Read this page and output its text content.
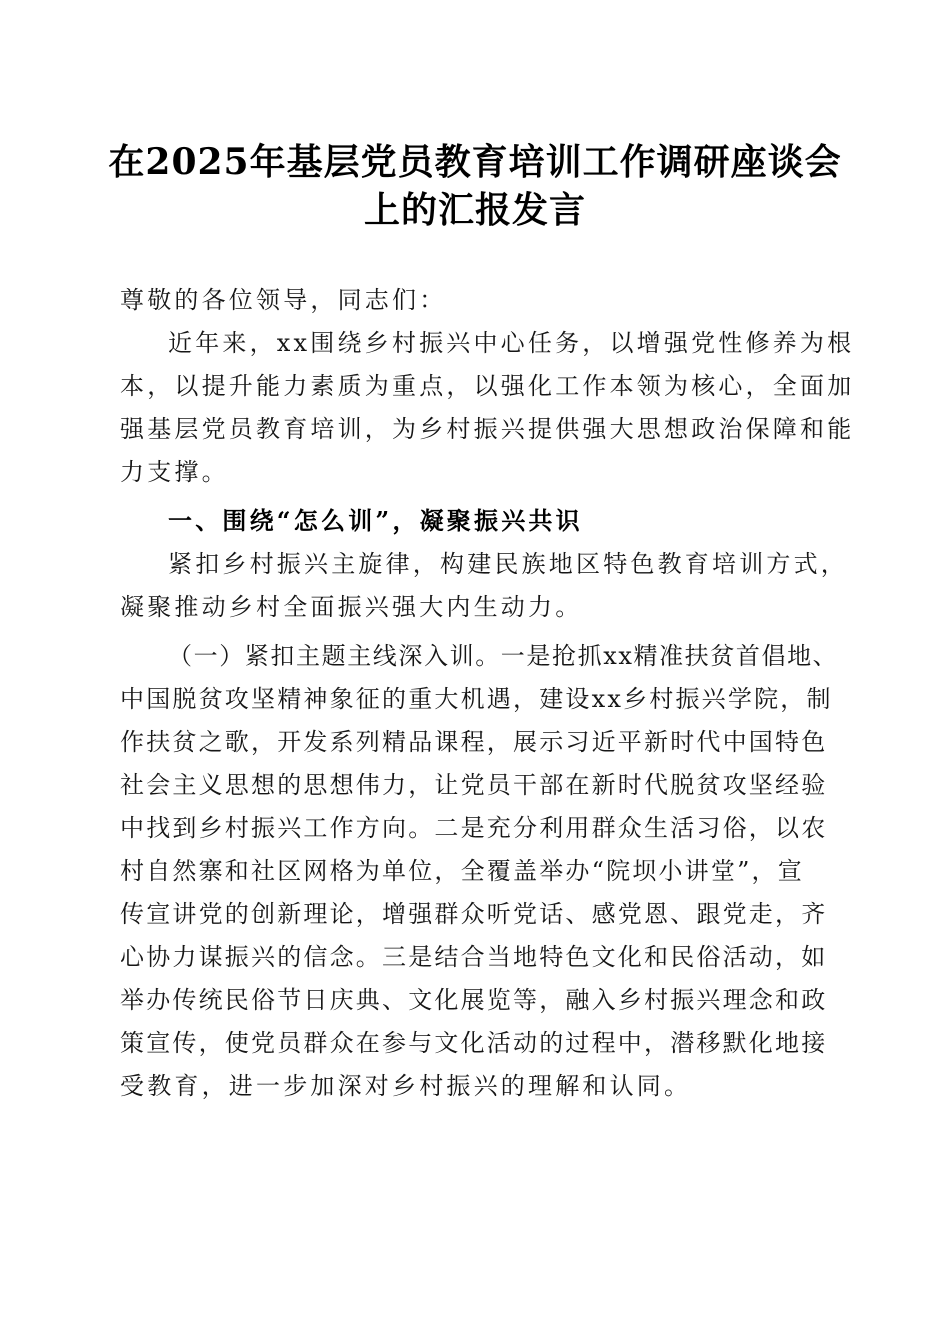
在2025年基层党员教育培训工作调研座谈会
上的汇报发言
尊敬的各位领导，同志们：
近年来，xx围绕乡村振兴中心任务，以增强党性修养为根
本，以提升能力素质为重点，以强化工作本领为核心，全面加
强基层党员教育培训，为乡村振兴提供强大思想政治保障和能
力支撑。
一、围绕“怎么训”，凝聚振兴共识
紧扣乡村振兴主旋律，构建民族地区特色教育培训方式，
凝聚推动乡村全面振兴强大内生动力。
（一）紧扣主题主线深入训。一是抢抓xx精准扶贫首倡地、
中国脱贫攻坚精神象征的重大机遇，建设xx乡村振兴学院，制
作扶贫之歌，开发系列精品课程，展示习近平新时代中国特色
社会主义思想的思想伟力，让党员干部在新时代脱贫攻坚经验
中找到乡村振兴工作方向。二是充分利用群众生活习俗，以农
村自然寨和社区网格为单位，全覆盖举办“院坝小讲堂”，宣
传宣讲党的创新理论，增强群众听党话、感党恩、跟党走，齐
心协力谋振兴的信念。三是结合当地特色文化和民俗活动，如
举办传统民俗节日庆典、文化展览等，融入乡村振兴理念和政
策宣传，使党员群众在参与文化活动的过程中，潜移默化地接
受教育，进一步加深对乡村振兴的理解和认同。
